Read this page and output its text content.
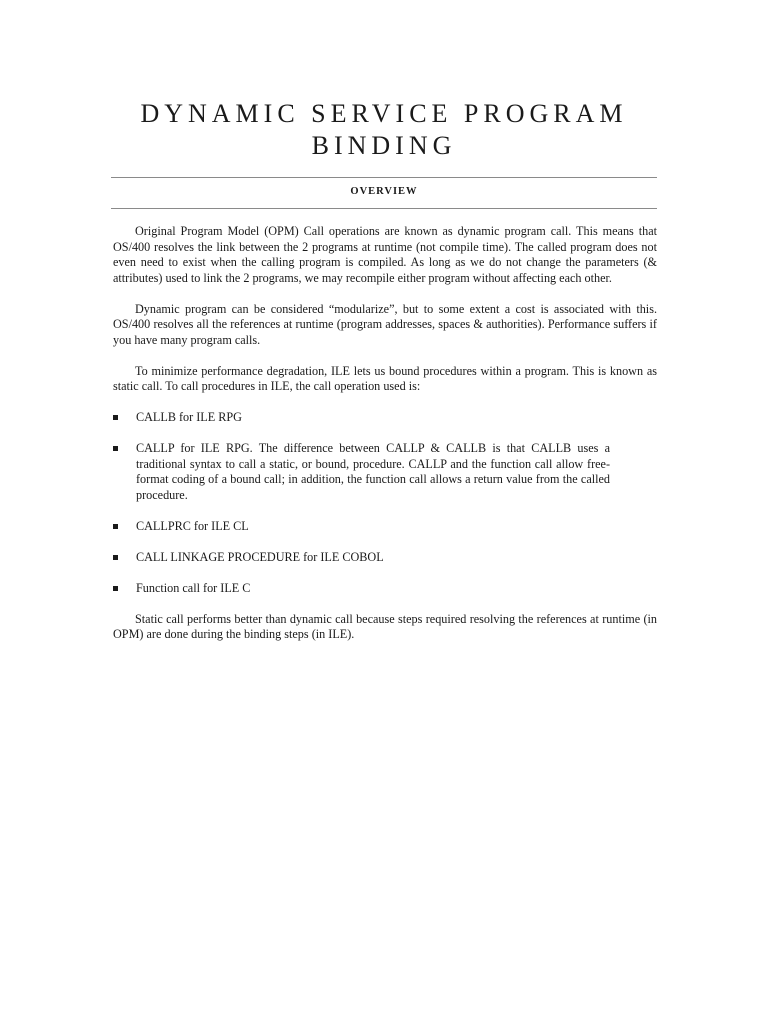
DYNAMIC SERVICE PROGRAM
BINDING
OVERVIEW

Original Program Model (OPM) Call operations are known as dynamic program call. This means that OS/400 resolves the link between the 2 programs at runtime (not compile time). The called program does not even need to exist when the calling program is compiled. As long as we do not change the parameters (& attributes) used to link the 2 programs, we may recompile either program without affecting each other.

Dynamic program can be considered “modularize”, but to some extent a cost is associated with this. OS/400 resolves all the references at runtime (program addresses, spaces & authorities). Performance suffers if you have many program calls.

To minimize performance degradation, ILE lets us bound procedures within a program. This is known as static call. To call procedures in ILE, the call operation used is:

CALLB for ILE RPG
CALLP for ILE RPG. The difference between CALLP & CALLB is that CALLB uses a traditional syntax to call a static, or bound, procedure. CALLP and the function call allow free-format coding of a bound call; in addition, the function call allows a return value from the called procedure.
CALLPRC for ILE CL
CALL LINKAGE PROCEDURE for ILE COBOL
Function call for ILE C

Static call performs better than dynamic call because steps required resolving the references at runtime (in OPM) are done during the binding steps (in ILE).
